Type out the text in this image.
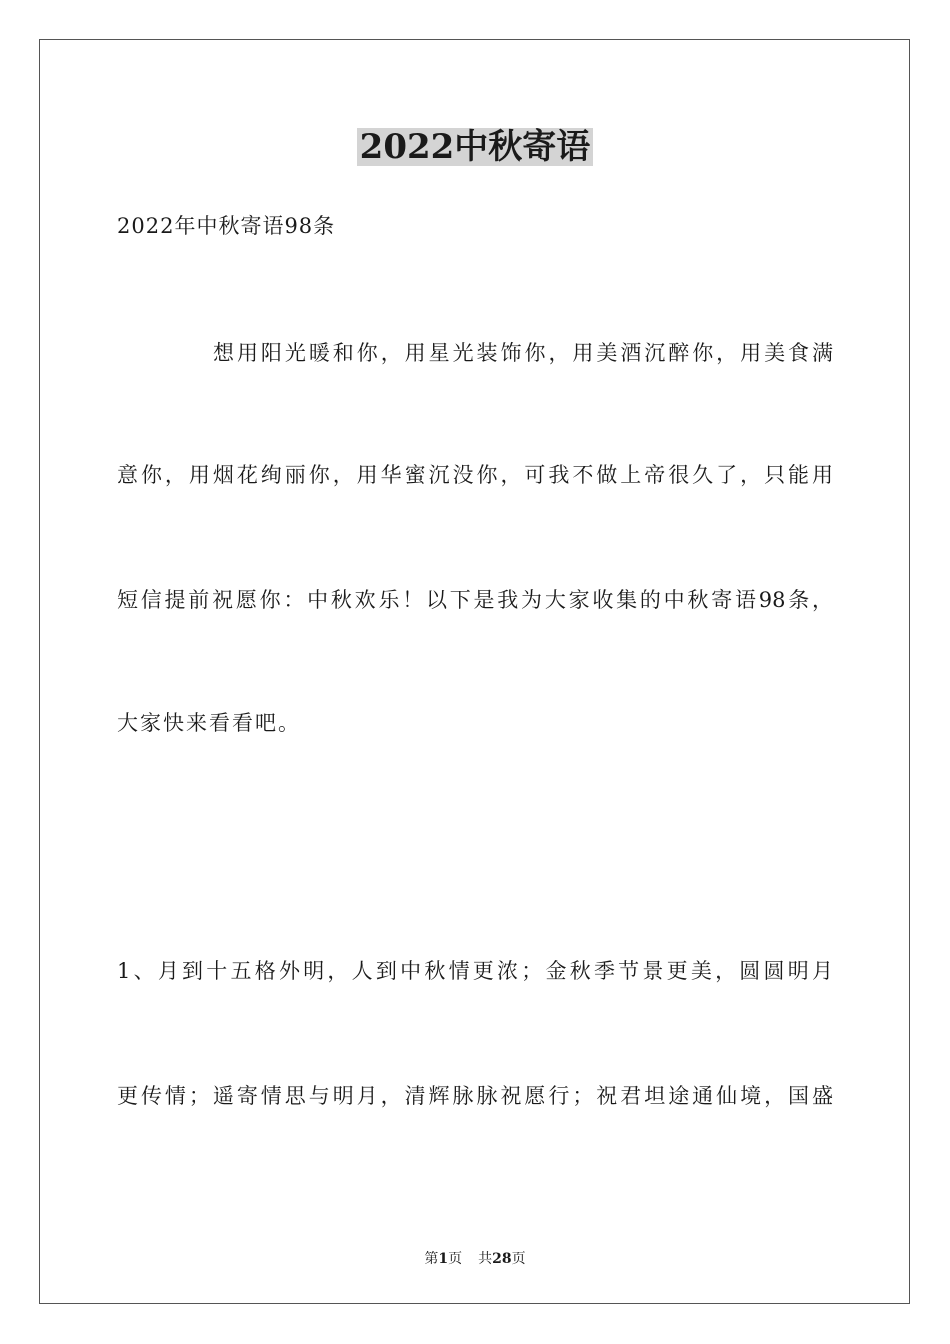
2022中秋寄语
2022年中秋寄语98条
想用阳光暖和你，用星光装饰你，用美酒沉醉你，用美食满
意你，用烟花绚丽你，用华蜜沉没你，可我不做上帝很久了，只能用
短信提前祝愿你：中秋欢乐！以下是我为大家收集的中秋寄语98条，
大家快来看看吧。
1、月到十五格外明，人到中秋情更浓；金秋季节景更美，圆圆明月
更传情；遥寄情思与明月，清辉脉脉祝愿行；祝君坦途通仙境，国盛
第1页 共28页
